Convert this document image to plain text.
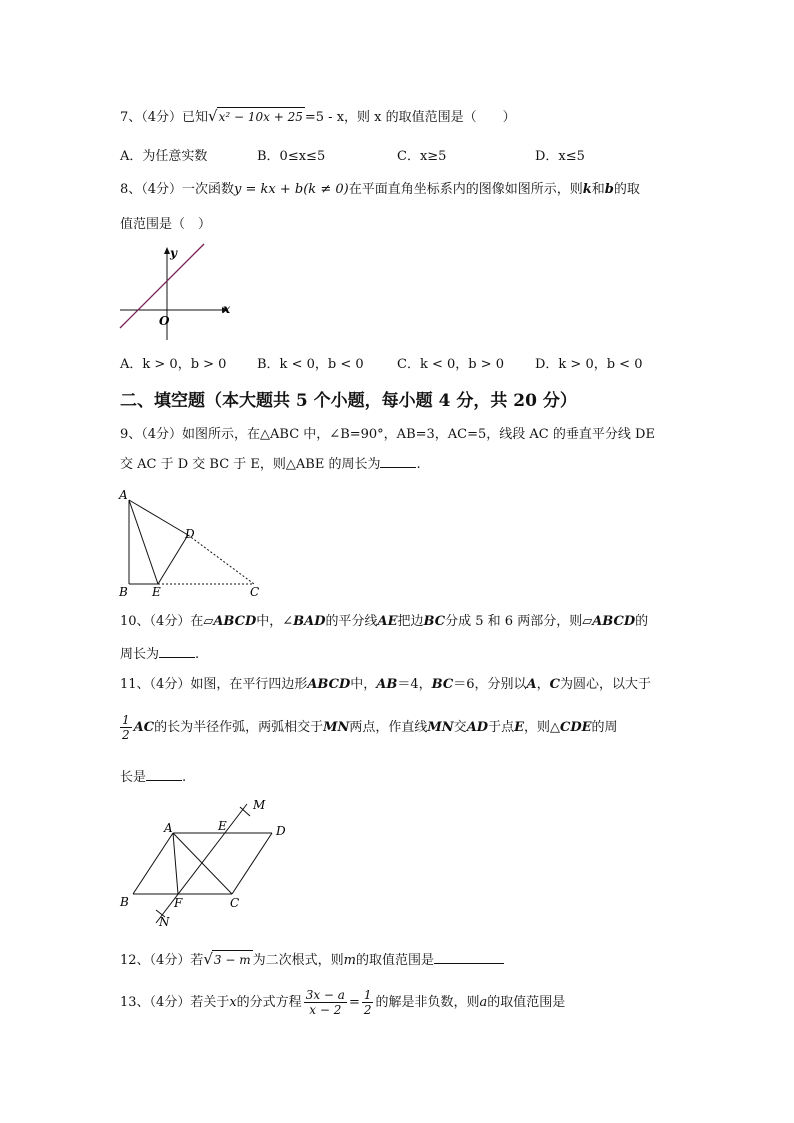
7、（4分）已知√x² − 10x + 25 =5 - x，则 x 的取值范围是（　　）
A．为任意实数	B．0≤x≤5	C．x≥5	D．x≤5
8、（4分）一次函数y = kx + b(k ≠ 0)在平面直角坐标系内的图像如图所示，则k和b的取
值范围是（　）
x
y
O
A．k > 0，b > 0 B．k < 0，b < 0	C．k < 0，b > 0 D．k > 0，b < 0
二、填空题（本大题共 5 个小题，每小题 4 分，共 20 分）
9、（4分）如图所示，在△ABC 中，∠B=90°，AB=3，AC=5，线段 AC 的垂直平分线 DE
交 AC 于 D 交 BC 于 E，则△ABE 的周长为	.
A
B E
D
C
10、（4分）在▱ABCD中，∠BAD的平分线AE把边BC分成 5 和 6 两部分，则▱ABCD的
周长为	.
11、（4分）如图，在平行四边形ABCD中，AB＝4，BC＝6，分别以A，C为圆心，以大于
$\frac{1}{2}$ AC的长为半径作弧，两弧相交于MN两点，作直线MN交AD于点E，则△CDE的周
长是	.
A	E	D
B	F	C
M
N
12、（4分）若√3 − m 为二次根式，则m的取值范围是
13、（4分）若关于x的分式方程 $\frac{3x - a}{x - 2} = \frac{1}{2}$ 的解是非负数，则a的取值范围是
